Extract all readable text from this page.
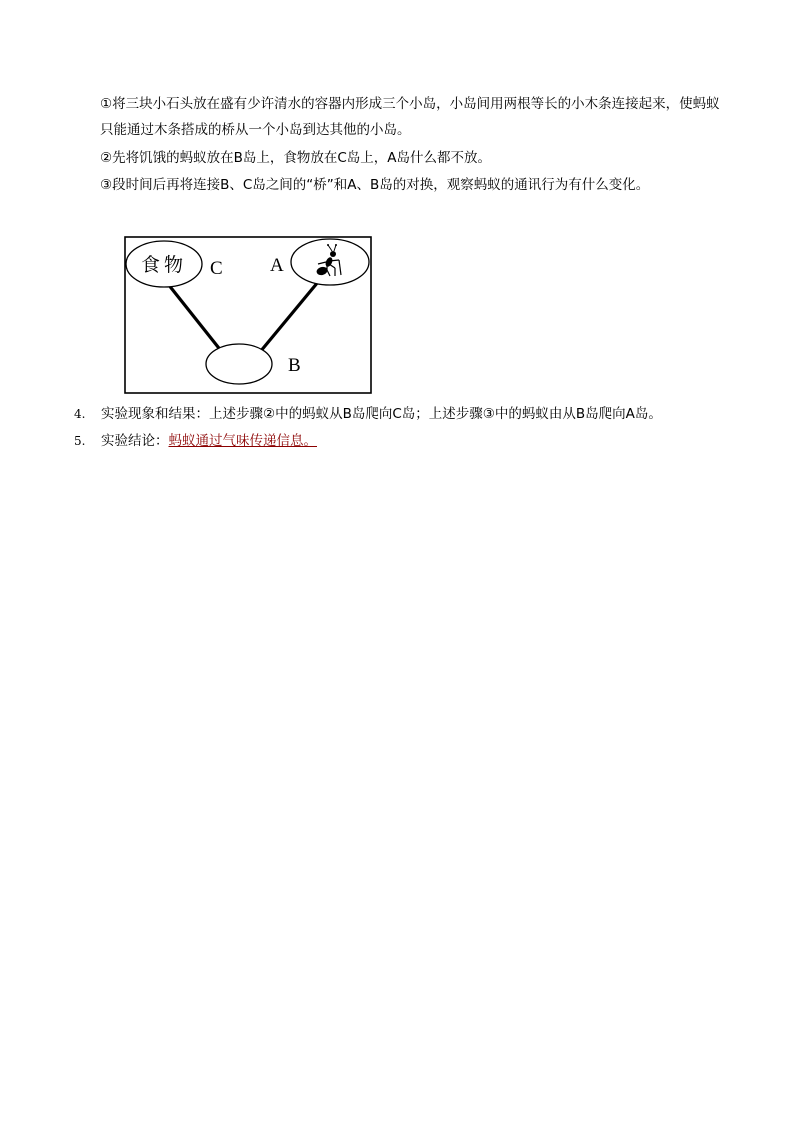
①将三块小石头放在盛有少许清水的容器内形成三个小岛，小岛间用两根等长的小木条连接起来，使蚂蚁只能通过木条搭成的桥从一个小岛到达其他的小岛。

②先将饥饿的蚂蚁放在B岛上，食物放在C岛上，A岛什么都不放。

③段时间后再将连接B、C岛之间的“桥”和A、B岛的对换，观察蚂蚁的通讯行为有什么变化。

食物 C A
B
4. 实验现象和结果：上述步骤②中的蚂蚁从B岛爬向C岛；上述步骤③中的蚂蚁由从B岛爬向A岛。
5. 实验结论：蚂蚁通过气味传递信息。
